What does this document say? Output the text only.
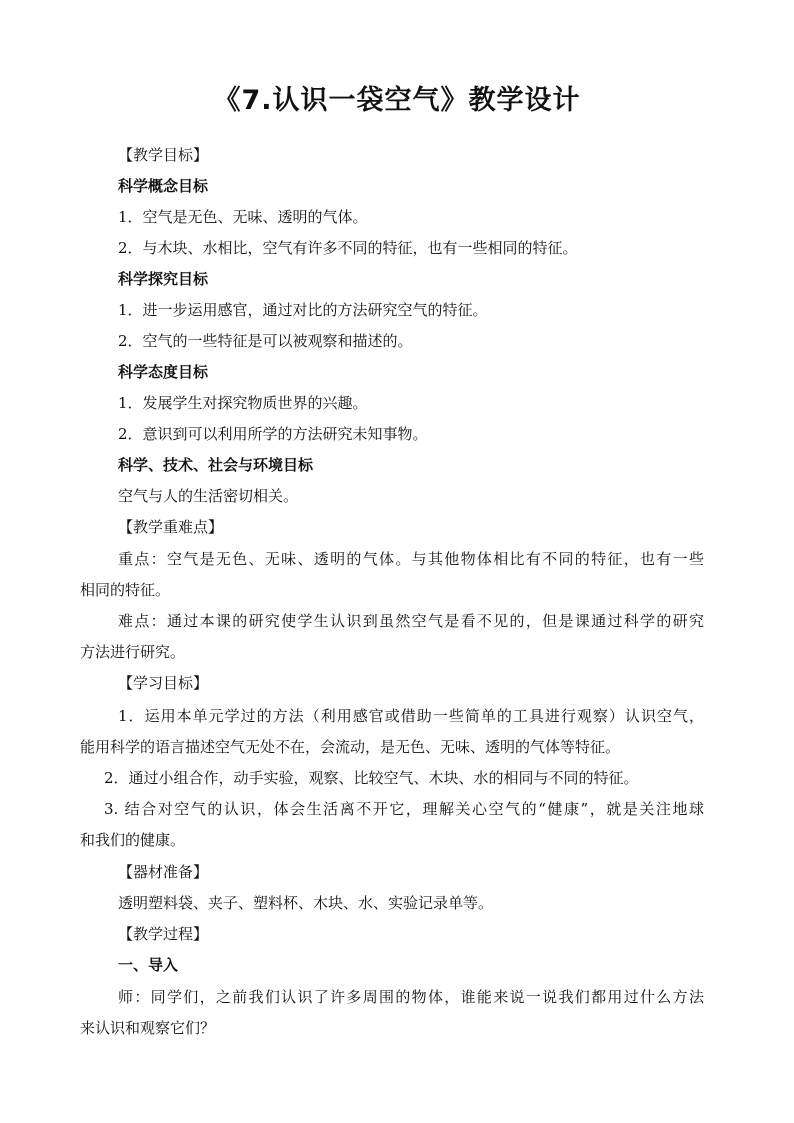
《7.认识一袋空气》教学设计
【教学目标】
科学概念目标
1．空气是无色、无味、透明的气体。
2．与木块、水相比，空气有许多不同的特征，也有一些相同的特征。
科学探究目标
1．进一步运用感官，通过对比的方法研究空气的特征。
2．空气的一些特征是可以被观察和描述的。
科学态度目标
1．发展学生对探究物质世界的兴趣。
2．意识到可以利用所学的方法研究未知事物。
科学、技术、社会与环境目标
空气与人的生活密切相关。
【教学重难点】
重点：空气是无色、无味、透明的气体。与其他物体相比有不同的特征，也有一些
相同的特征。
难点：通过本课的研究使学生认识到虽然空气是看不见的，但是课通过科学的研究
方法进行研究。
【学习目标】
1．运用本单元学过的方法（利用感官或借助一些简单的工具进行观察）认识空气，
能用科学的语言描述空气无处不在，会流动，是无色、无味、透明的气体等特征。
2．通过小组合作，动手实验，观察、比较空气、木块、水的相同与不同的特征。
3. 结合对空气的认识，体会生活离不开它，理解关心空气的“健康”，就是关注地球
和我们的健康。
【器材准备】
透明塑料袋、夹子、塑料杯、木块、水、实验记录单等。
【教学过程】
一、导入
师：同学们，之前我们认识了许多周围的物体，谁能来说一说我们都用过什么方法
来认识和观察它们？
